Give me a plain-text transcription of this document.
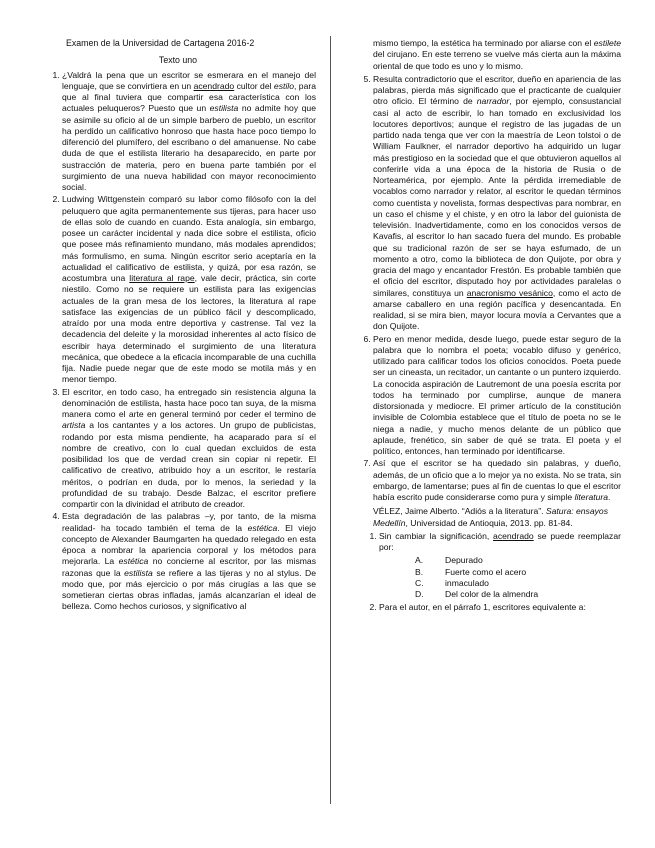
Examen de la Universidad de Cartagena 2016-2
Texto uno
1. ¿Valdrá la pena que un escritor se esmerara en el manejo del lenguaje, que se convirtiera en un acendrado cultor del estilo, para que al final tuviera que compartir esa característica con los actuales peluqueros? Puesto que un estilista no admite hoy que se asimile su oficio al de un simple barbero de pueblo, un escritor ha perdido un calificativo honroso que hasta hace poco tiempo lo diferenció del plumífero, del escribano o del amanuense. No cabe duda de que el estilista literario ha desaparecido, en parte por sustracción de materia, pero en buena parte también por el surgimiento de una nueva habilidad con mayor reconocimiento social.
2. Ludwing Wittgenstein comparó su labor como filósofo con la del peluquero que agita permanentemente sus tijeras, para hacer uso de ellas solo de cuando en cuando. Esta analogía, sin embargo, posee un carácter incidental y nada dice sobre el estilista, oficio que posee más refinamiento mundano, más modales aprendidos; más formulismo, en suma. Ningún escritor serio aceptaría en la actualidad el calificativo de estilista, y quizá, por esa razón, se acostumbra una literatura al rape, vale decir, práctica, sin corte niestilo. Como no se requiere un estilista para las exigencias actuales de la gran mesa de los lectores, la literatura al rape satisface las exigencias de un público fácil y descomplicado, atraído por una moda entre deportiva y castrense. Tal vez la decadencia del deleite y la morosidad inherentes al acto físico de escribir haya determinado el surgimiento de una literatura mecánica, que obedece a la eficacia incomparable de una cuchilla fija. Nadie puede negar que de este modo se motila más y en menor tiempo.
3. El escritor, en todo caso, ha entregado sin resistencia alguna la denominación de estilista, hasta hace poco tan suya, de la misma manera como el arte en general terminó por ceder el termino de artista a los cantantes y a los actores. Un grupo de publicistas, rodando por esta misma pendiente, ha acaparado para sí el nombre de creativo, con lo cual quedan excluidos de esta posibilidad los que de verdad crean sin copiar ni repetir. El calificativo de creativo, atribuido hoy a un escritor, le restaría méritos, o podrían en duda, por lo menos, la seriedad y la profundidad de su trabajo. Desde Balzac, el escritor prefiere compartir con la divinidad el atributo de creador.
4. Esta degradación de las palabras –y, por tanto, de la misma realidad- ha tocado también el tema de la estética. El viejo concepto de Alexander Baumgarten ha quedado relegado en esta época a nombrar la apariencia corporal y los métodos para mejorarla. La estética no concierne al escritor, por las mismas razonas que la estilista se refiere a las tijeras y no al stylus. De modo que, por más ejercicio o por más cirugías a las que se sometieran ciertas obras infladas, jamás alcanzarían el ideal de belleza. Como hechos curiosos, y significativo al
mismo tiempo, la estética ha terminado por aliarse con el estilete del cirujano. En este terreno se vuelve más cierta aun la máxima oriental de que todo es uno y lo mismo.
5. Resulta contradictorio que el escritor, dueño en apariencia de las palabras, pierda más significado que el practicante de cualquier otro oficio. El término de narrador, por ejemplo, consustancial casi al acto de escribir, lo han tomado en exclusividad los locutores deportivos; aunque el registro de las jugadas de un partido nada tenga que ver con la maestría de Leon tolstoi o de William Faulkner, el narrador deportivo ha adquirido un lugar más prestigioso en la sociedad que el que obtuvieron aquellos al conferirle vida a una época de la historia de Rusia o de Norteamérica, por ejemplo. Ante la pérdida irremediable de vocablos como narrador y relator, al escritor le quedan términos como cuentista y novelista, formas despectivas para nombrar, en un caso el chisme y el chiste, y en otro la labor del guionista de televisión. Inadvertidamente, como en los conocidos versos de Kavafis, al escritor lo han sacado fuera del mundo. Es probable que su tradicional razón de ser se haya esfumado, de un momento a otro, como la biblioteca de don Quijote, por obra y gracia del mago y encantador Frestón. Es probable también que el oficio del escritor, disputado hoy por actividades paralelas o similares, constituya un anacronismo vesánico, como el acto de amarse caballero en una región pacífica y desencantada. En realidad, si se mira bien, mayor locura movía a Cervantes que a don Quijote.
6. Pero en menor medida, desde luego, puede estar seguro de la palabra que lo nombra el poeta; vocablo difuso y genérico, utilizado para calificar todos los oficios conocidos. Poeta puede ser un cineasta, un recitador, un cantante o un puntero izquierdo. La conocida aspiración de Lautremont de una poesía escrita por todos ha terminado por cumplirse, aunque de manera distorsionada y mediocre. El primer artículo de la constitución invisible de Colombia establece que el título de poeta no se le niega a nadie, y mucho menos delante de un público que aplaude, frenético, sin saber de qué se trata. El poeta y el político, entonces, han terminado por identificarse.
7. Así que el escritor se ha quedado sin palabras, y dueño, además, de un oficio que a lo mejor ya no exista. No se trata, sin embargo, de lamentarse; pues al fin de cuentas lo que el escritor había escrito pude considerarse como pura y simple literatura.
VÉLEZ, Jaime Alberto. “Adiós a la literatura”. Satura: ensayos Medellín, Universidad de Antioquia, 2013. pp. 81-84.
1. Sin cambiar la significación, acendrado se puede reemplazar por:
A.	Depurado
B.	Fuerte como el acero
C. inmaculado
D. Del color de la almendra
2. Para el autor, en el párrafo 1, escritores equivalente a:
